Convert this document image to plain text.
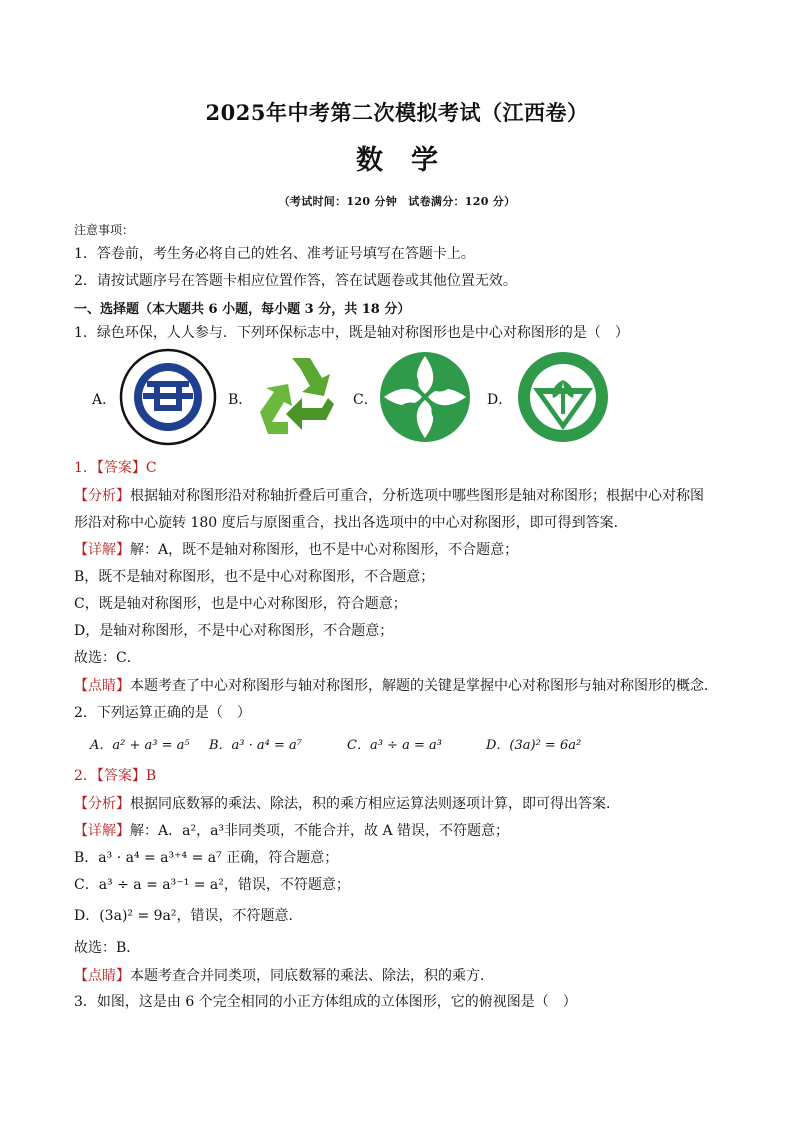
2025年中考第二次模拟考试（江西卷）
数学
（考试时间：120 分钟　试卷满分：120 分）
注意事项：
1．答卷前，考生务必将自己的姓名、准考证号填写在答题卡上。
2．请按试题序号在答题卡相应位置作答，答在试题卷或其他位置无效。
一、选择题（本大题共 6 小题，每小题 3 分，共 18 分）
1．绿色环保，人人参与．下列环保标志中，既是轴对称图形也是中心对称图形的是（　）
A．	B．	C．	D．
1．【答案】C
【分析】根据轴对称图形沿对称轴折叠后可重合，分析选项中哪些图形是轴对称图形；根据中心对称图
形沿对称中心旋转 180 度后与原图重合，找出各选项中的中心对称图形，即可得到答案．
【详解】解：A，既不是轴对称图形，也不是中心对称图形，不合题意；
B，既不是轴对称图形，也不是中心对称图形，不合题意；
C，既是轴对称图形，也是中心对称图形，符合题意；
D，是轴对称图形，不是中心对称图形，不合题意；
故选：C．
【点睛】本题考查了中心对称图形与轴对称图形，解题的关键是掌握中心对称图形与轴对称图形的概念．
2．下列运算正确的是（　）
A．a² + a³ = a⁵ B．a³ · a⁴ = a⁷	C．a³ ÷ a = a³	D．(3a)² = 6a²
2．【答案】B
【分析】根据同底数幂的乘法、除法，积的乘方相应运算法则逐项计算，即可得出答案．
【详解】解：A．a²，a³非同类项，不能合并，故 A 错误，不符题意；
B．a³ · a⁴ = a³⁺⁴ = a⁷ 正确，符合题意；
C．a³ ÷ a = a³⁻¹ = a²，错误，不符题意；
D．(3a)² = 9a²，错误，不符题意．
故选：B．
【点睛】本题考查合并同类项，同底数幂的乘法、除法，积的乘方．
3．如图，这是由 6 个完全相同的小正方体组成的立体图形，它的俯视图是（　）
